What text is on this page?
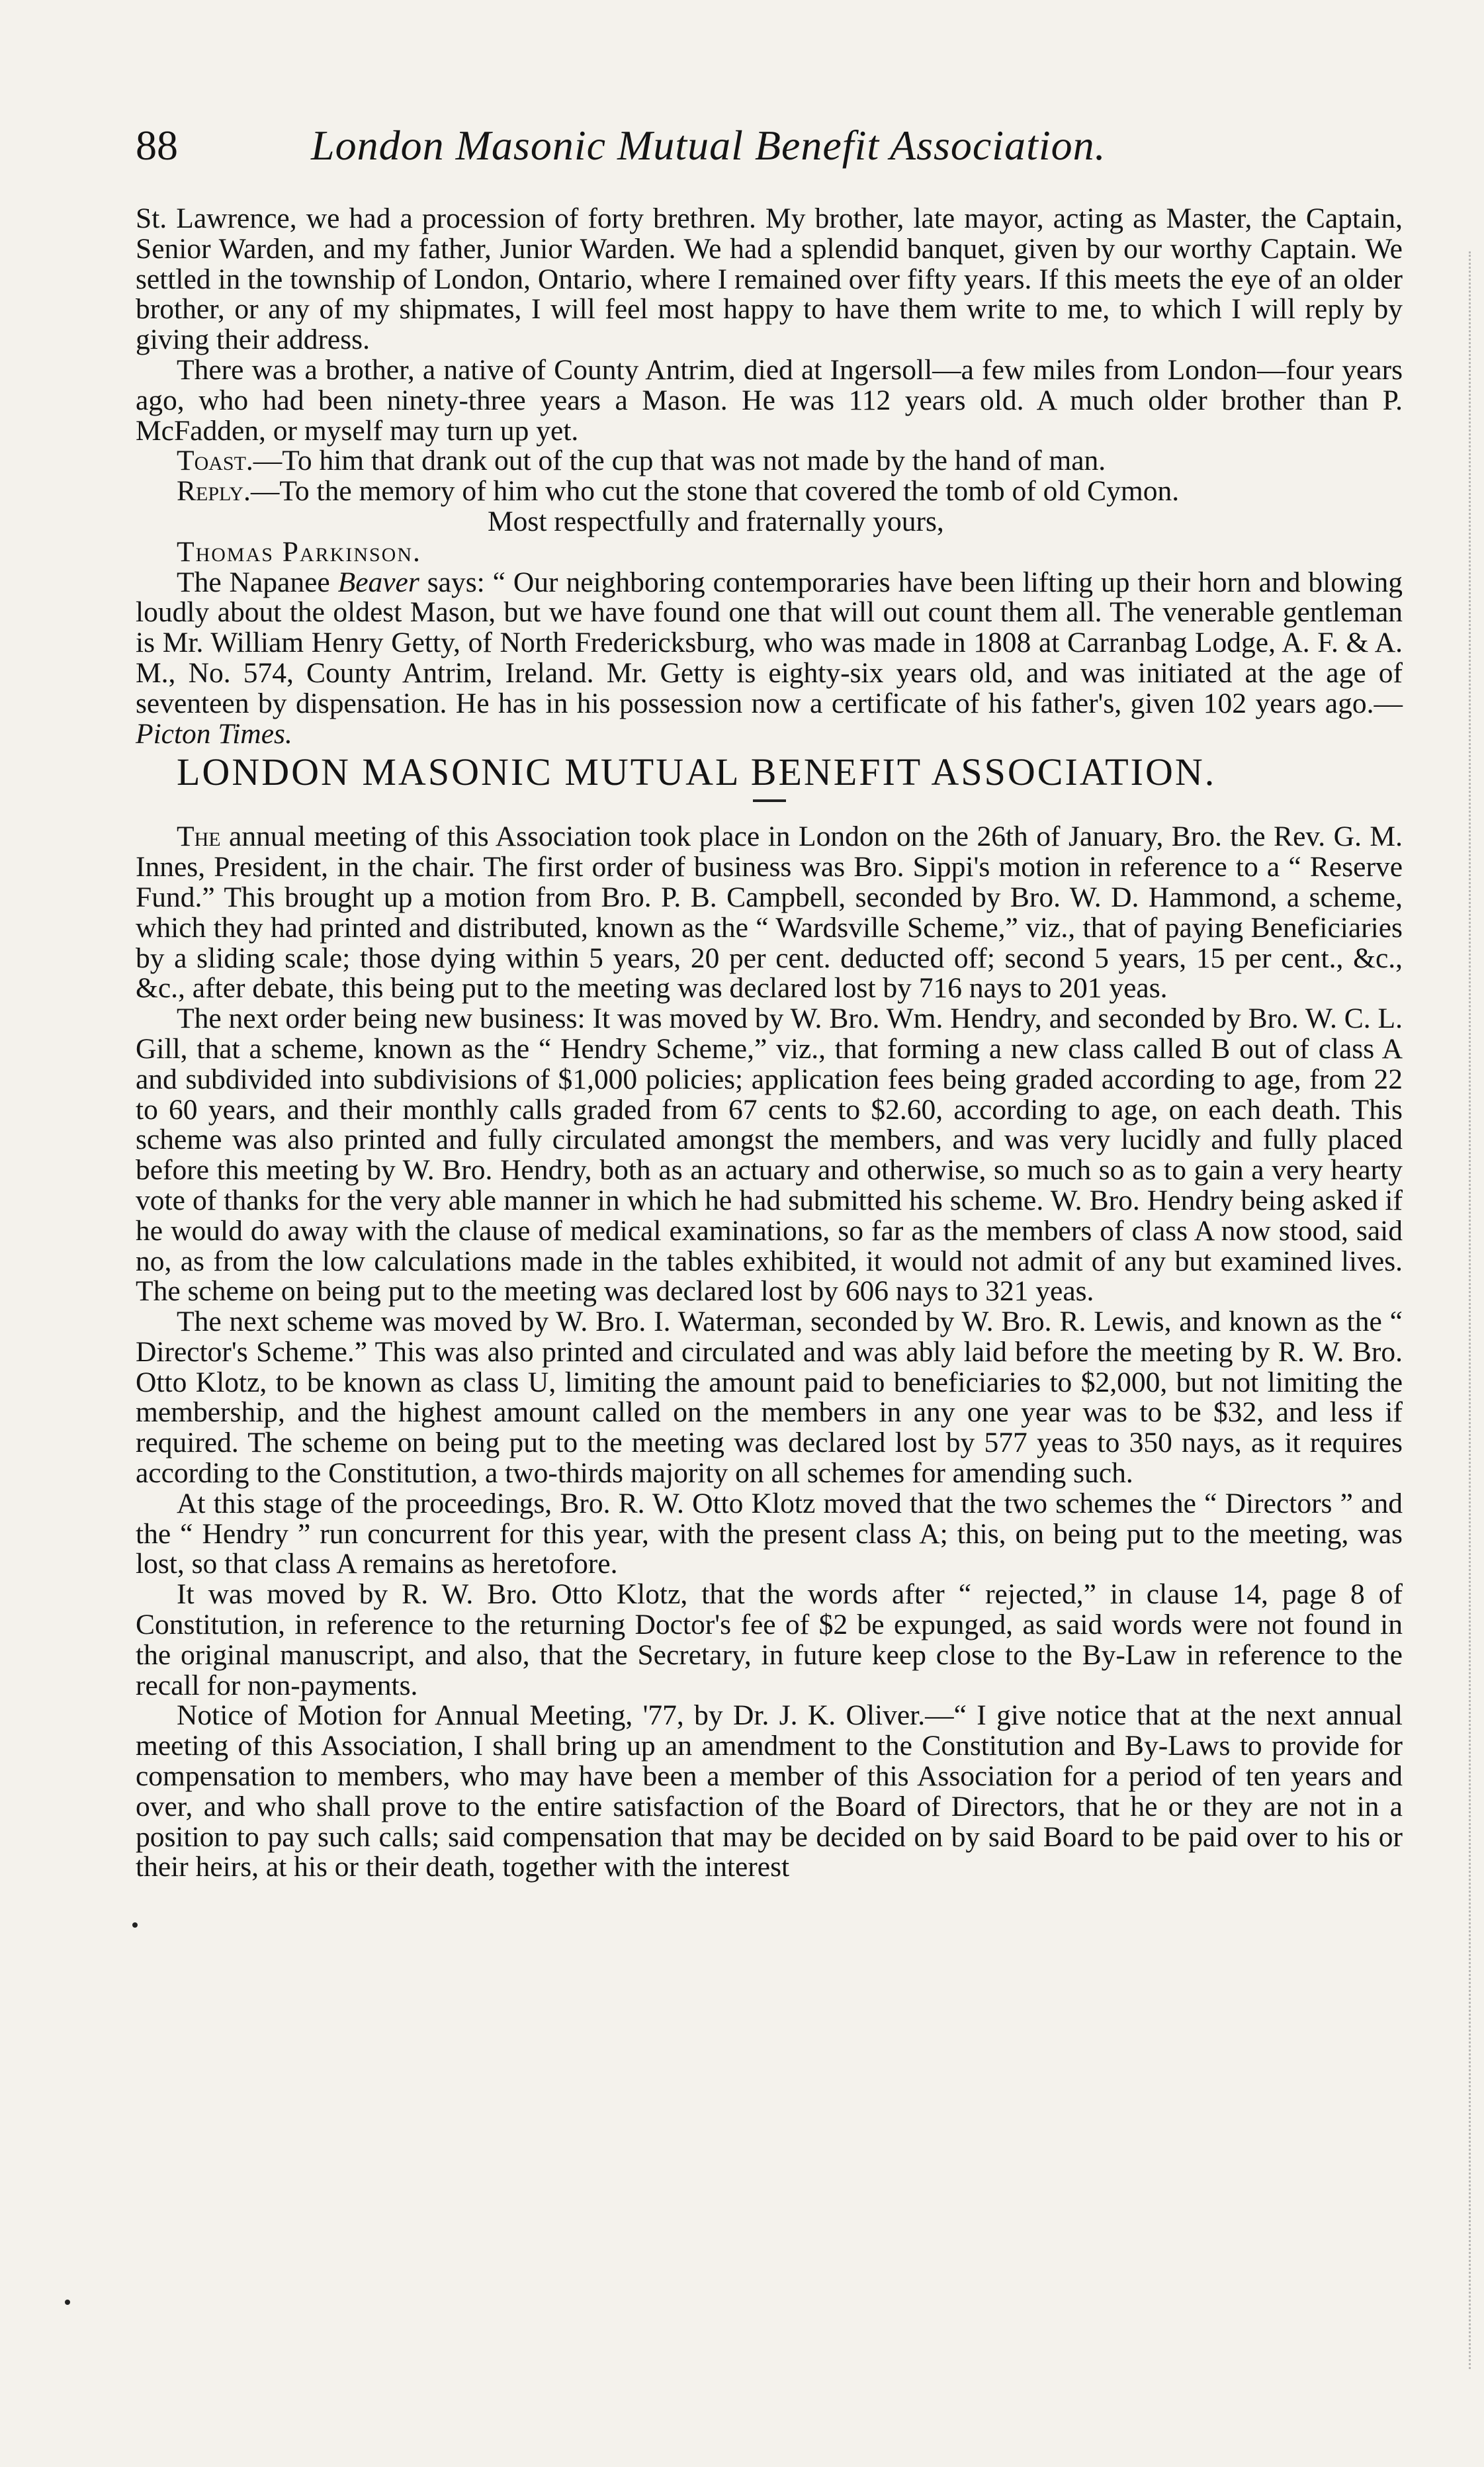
88	London Masonic Mutual Benefit Association.

St. Lawrence, we had a procession of forty brethren. My brother, late mayor, acting as Master, the Captain, Senior Warden, and my father, Junior Warden. We had a splendid banquet, given by our worthy Captain. We settled in the township of London, Ontario, where I remained over fifty years. If this meets the eye of an older brother, or any of my shipmates, I will feel most happy to have them write to me, to which I will reply by giving their address.

There was a brother, a native of County Antrim, died at Ingersoll—a few miles from London—four years ago, who had been ninety-three years a Mason. He was 112 years old. A much older brother than P. McFadden, or myself may turn up yet.

Toast.—To him that drank out of the cup that was not made by the hand of man.

Reply.—To the memory of him who cut the stone that covered the tomb of old Cymon.

Most respectfully and fraternally yours,

Thomas Parkinson.

The Napanee Beaver says: “ Our neighboring contemporaries have been lifting up their horn and blowing loudly about the oldest Mason, but we have found one that will out count them all. The venerable gentleman is Mr. William Henry Getty, of North Fredericksburg, who was made in 1808 at Carranbag Lodge, A. F. & A. M., No. 574, County Antrim, Ireland. Mr. Getty is eighty-six years old, and was initiated at the age of seventeen by dispensation. He has in his possession now a certificate of his father's, given 102 years ago.—Picton Times.

LONDON MASONIC MUTUAL BENEFIT ASSOCIATION.

The annual meeting of this Association took place in London on the 26th of January, Bro. the Rev. G. M. Innes, President, in the chair. The first order of business was Bro. Sippi's motion in reference to a “ Reserve Fund.” This brought up a motion from Bro. P. B. Campbell, seconded by Bro. W. D. Hammond, a scheme, which they had printed and distributed, known as the “ Wardsville Scheme,” viz., that of paying Beneficiaries by a sliding scale; those dying within 5 years, 20 per cent. deducted off; second 5 years, 15 per cent., &c., &c., after debate, this being put to the meeting was declared lost by 716 nays to 201 yeas.

The next order being new business: It was moved by W. Bro. Wm. Hendry, and seconded by Bro. W. C. L. Gill, that a scheme, known as the “ Hendry Scheme,” viz., that forming a new class called B out of class A and subdivided into subdivisions of $1,000 policies; application fees being graded according to age, from 22 to 60 years, and their monthly calls graded from 67 cents to $2.60, according to age, on each death. This scheme was also printed and fully circulated amongst the members, and was very lucidly and fully placed before this meeting by W. Bro. Hendry, both as an actuary and otherwise, so much so as to gain a very hearty vote of thanks for the very able manner in which he had submitted his scheme. W. Bro. Hendry being asked if he would do away with the clause of medical examinations, so far as the members of class A now stood, said no, as from the low calculations made in the tables exhibited, it would not admit of any but examined lives. The scheme on being put to the meeting was declared lost by 606 nays to 321 yeas.

The next scheme was moved by W. Bro. I. Waterman, seconded by W. Bro. R. Lewis, and known as the “ Director's Scheme.” This was also printed and circulated and was ably laid before the meeting by R. W. Bro. Otto Klotz, to be known as class U, limiting the amount paid to beneficiaries to $2,000, but not limiting the membership, and the highest amount called on the members in any one year was to be $32, and less if required. The scheme on being put to the meeting was declared lost by 577 yeas to 350 nays, as it requires according to the Constitution, a two-thirds majority on all schemes for amending such.

At this stage of the proceedings, Bro. R. W. Otto Klotz moved that the two schemes the “ Directors ” and the “ Hendry ” run concurrent for this year, with the present class A; this, on being put to the meeting, was lost, so that class A remains as heretofore.

It was moved by R. W. Bro. Otto Klotz, that the words after “ rejected,” in clause 14, page 8 of Constitution, in reference to the returning Doctor's fee of $2 be expunged, as said words were not found in the original manuscript, and also, that the Secretary, in future keep close to the By-Law in reference to the recall for non-payments.

Notice of Motion for Annual Meeting, '77, by Dr. J. K. Oliver.—“ I give notice that at the next annual meeting of this Association, I shall bring up an amendment to the Constitution and By-Laws to provide for compensation to members, who may have been a member of this Association for a period of ten years and over, and who shall prove to the entire satisfaction of the Board of Directors, that he or they are not in a position to pay such calls; said compensation that may be decided on by said Board to be paid over to his or their heirs, at his or their death, together with the interest
